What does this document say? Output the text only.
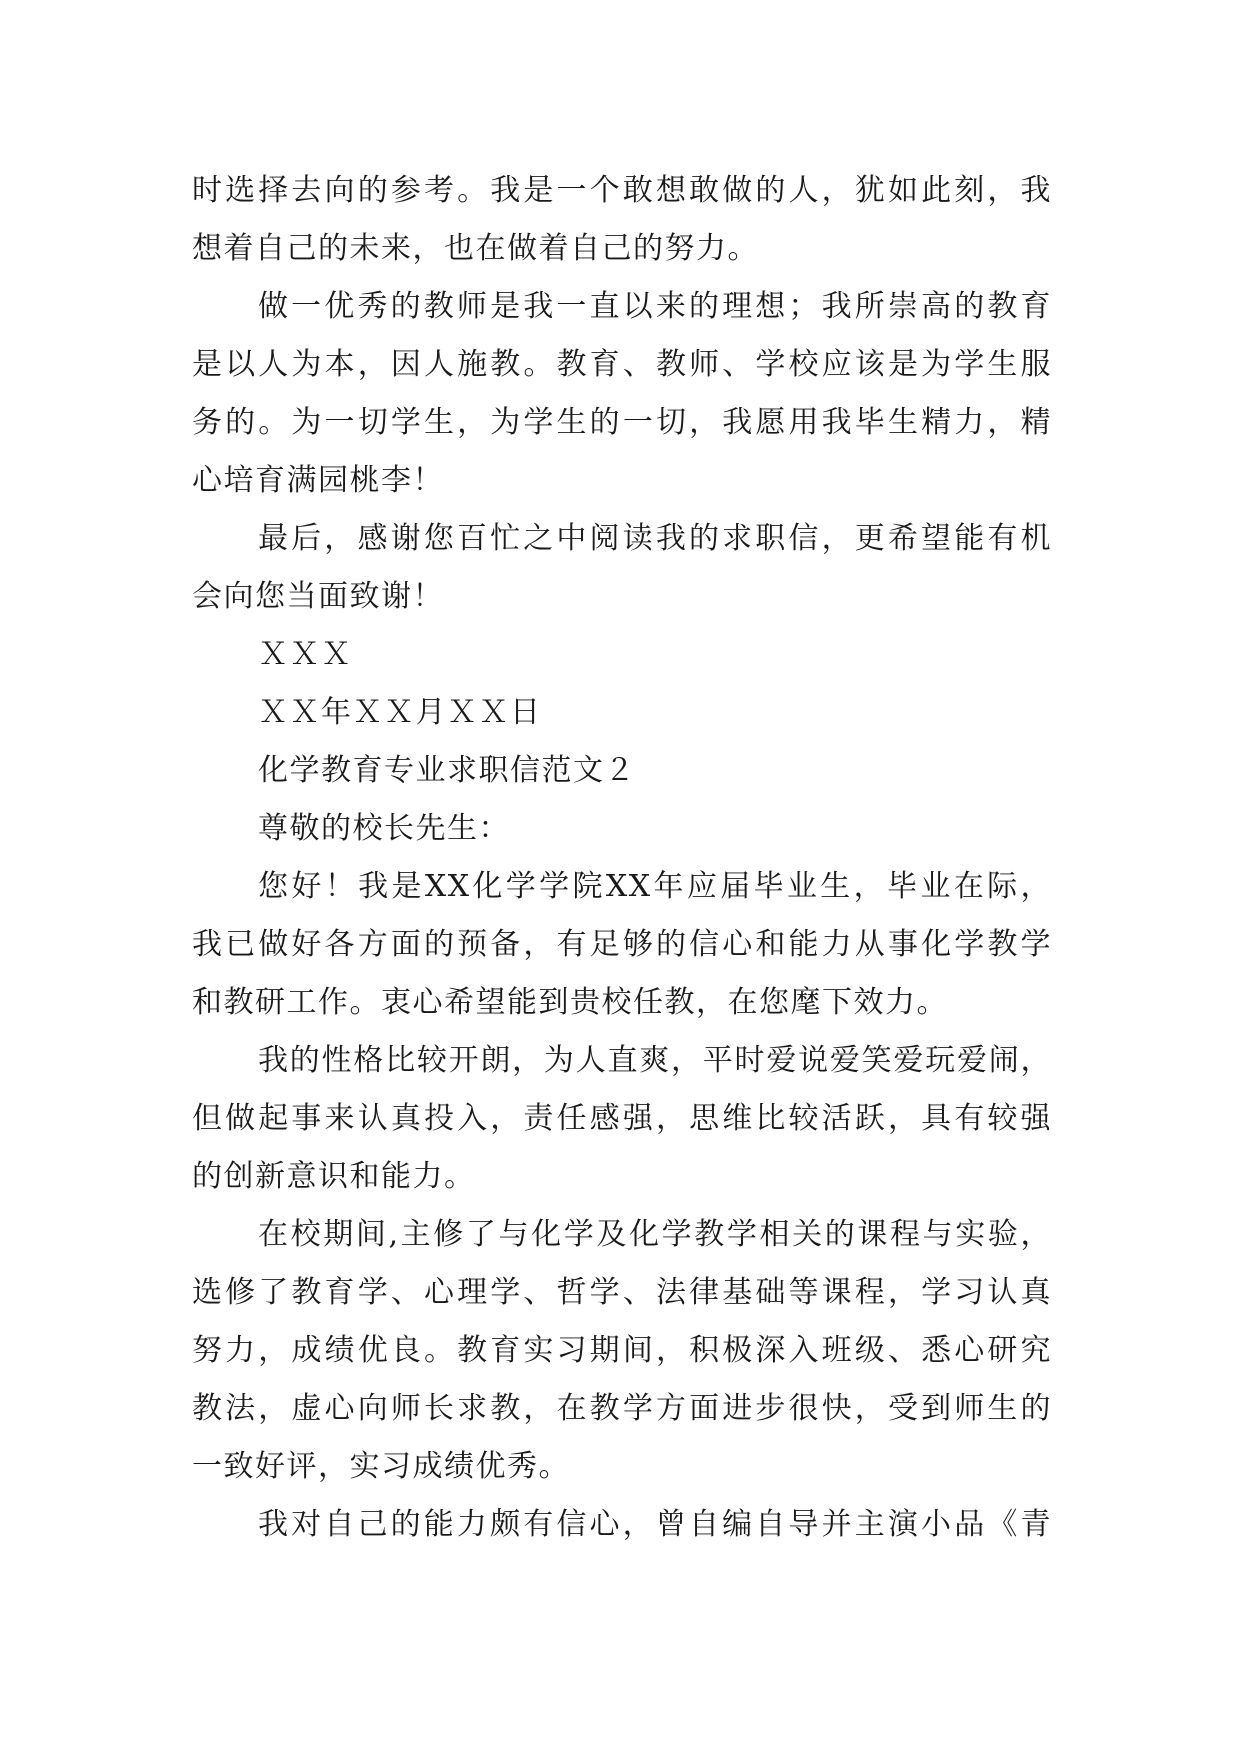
时选择去向的参考。我是一个敢想敢做的人，犹如此刻，我
想着自己的未来，也在做着自己的努力。
做一优秀的教师是我一直以来的理想；我所崇高的教育
是以人为本，因人施教。教育、教师、学校应该是为学生服
务的。为一切学生，为学生的一切，我愿用我毕生精力，精
心培育满园桃李！
最后，感谢您百忙之中阅读我的求职信，更希望能有机
会向您当面致谢！
ＸＸＸ
ＸＸ年ＸＸ月ＸＸ日
化学教育专业求职信范文２
尊敬的校长先生：
您好！我是XX化学学院XX年应届毕业生，毕业在际，
我已做好各方面的预备，有足够的信心和能力从事化学教学
和教研工作。衷心希望能到贵校任教，在您麾下效力。
我的性格比较开朗，为人直爽，平时爱说爱笑爱玩爱闹，
但做起事来认真投入，责任感强，思维比较活跃，具有较强
的创新意识和能力。
在校期间,主修了与化学及化学教学相关的课程与实验，
选修了教育学、心理学、哲学、法律基础等课程，学习认真
努力，成绩优良。教育实习期间，积极深入班级、悉心研究
教法，虚心向师长求教，在教学方面进步很快，受到师生的
一致好评，实习成绩优秀。
我对自己的能力颇有信心，曾自编自导并主演小品《青
